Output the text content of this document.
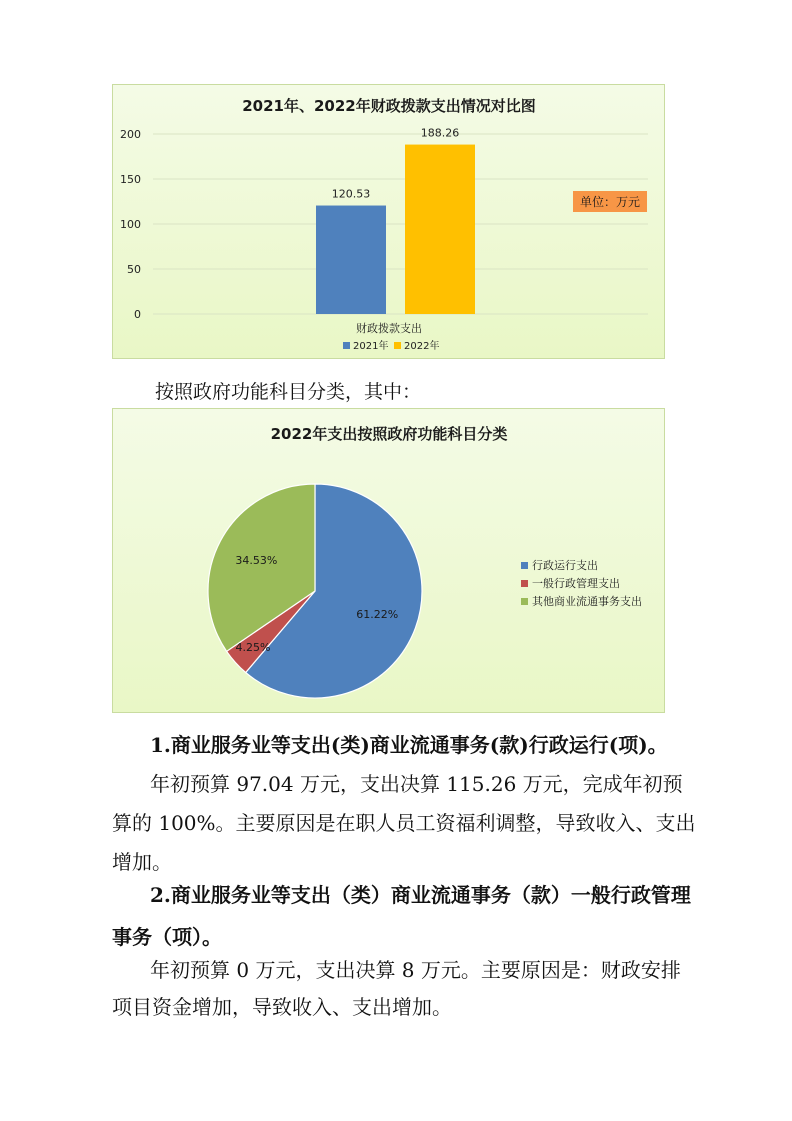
2021年、2022年财政拨款支出情况对比图
0
50
100
150
200
120.53
188.26
单位：万元
财政拨款支出
2021年 2022年

按照政府功能科目分类，其中：

2022年支出按照政府功能科目分类
61.22%
4.25%
34.53%	行政运行支出
一般行政管理支出
其他商业流通事务支出

1.商业服务业等支出(类)商业流通事务(款)行政运行(项)。

年初预算 97.04 万元，支出决算 115.26 万元，完成年初预算的 100%。主要原因是在职人员工资福利调整，导致收入、支出增加。

2.商业服务业等支出（类）商业流通事务（款）一般行政管理事务（项）。

年初预算 0 万元，支出决算 8 万元。主要原因是：财政安排项目资金增加，导致收入、支出增加。
